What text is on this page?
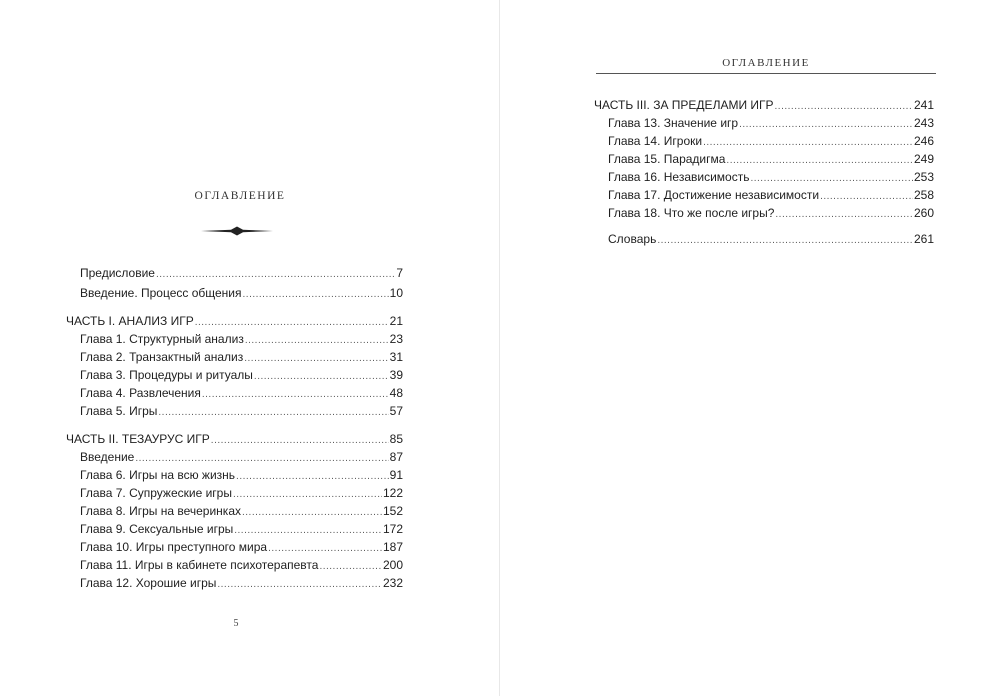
ОГЛАВЛЕНИЕ
Предисловие .....	7
Введение. Процесс общения .....	10
ЧАСТЬ I. АНАЛИЗ ИГР .....	21
Глава 1. Структурный анализ .....	23
Глава 2. Транзактный анализ .....	31
Глава 3. Процедуры и ритуалы .....	39
Глава 4. Развлечения .....	48
Глава 5. Игры .....	57
ЧАСТЬ II. ТЕЗАУРУС ИГР .....	85
Введение .....	87
Глава 6. Игры на всю жизнь .....	91
Глава 7. Супружеские игры .....	122
Глава 8. Игры на вечеринках .....	152
Глава 9. Сексуальные игры .....	172
Глава 10. Игры преступного мира .....	187
Глава 11. Игры в кабинете психотерапевта .....	200
Глава 12. Хорошие игры .....	232
5
ОГЛАВЛЕНИЕ
ЧАСТЬ III. ЗА ПРЕДЕЛАМИ ИГР .....	241
Глава 13. Значение игр .....	243
Глава 14. Игроки .....	246
Глава 15. Парадигма .....	249
Глава 16. Независимость .....	253
Глава 17. Достижение независимости .....	258
Глава 18. Что же после игры? .....	260
Словарь .....	261
